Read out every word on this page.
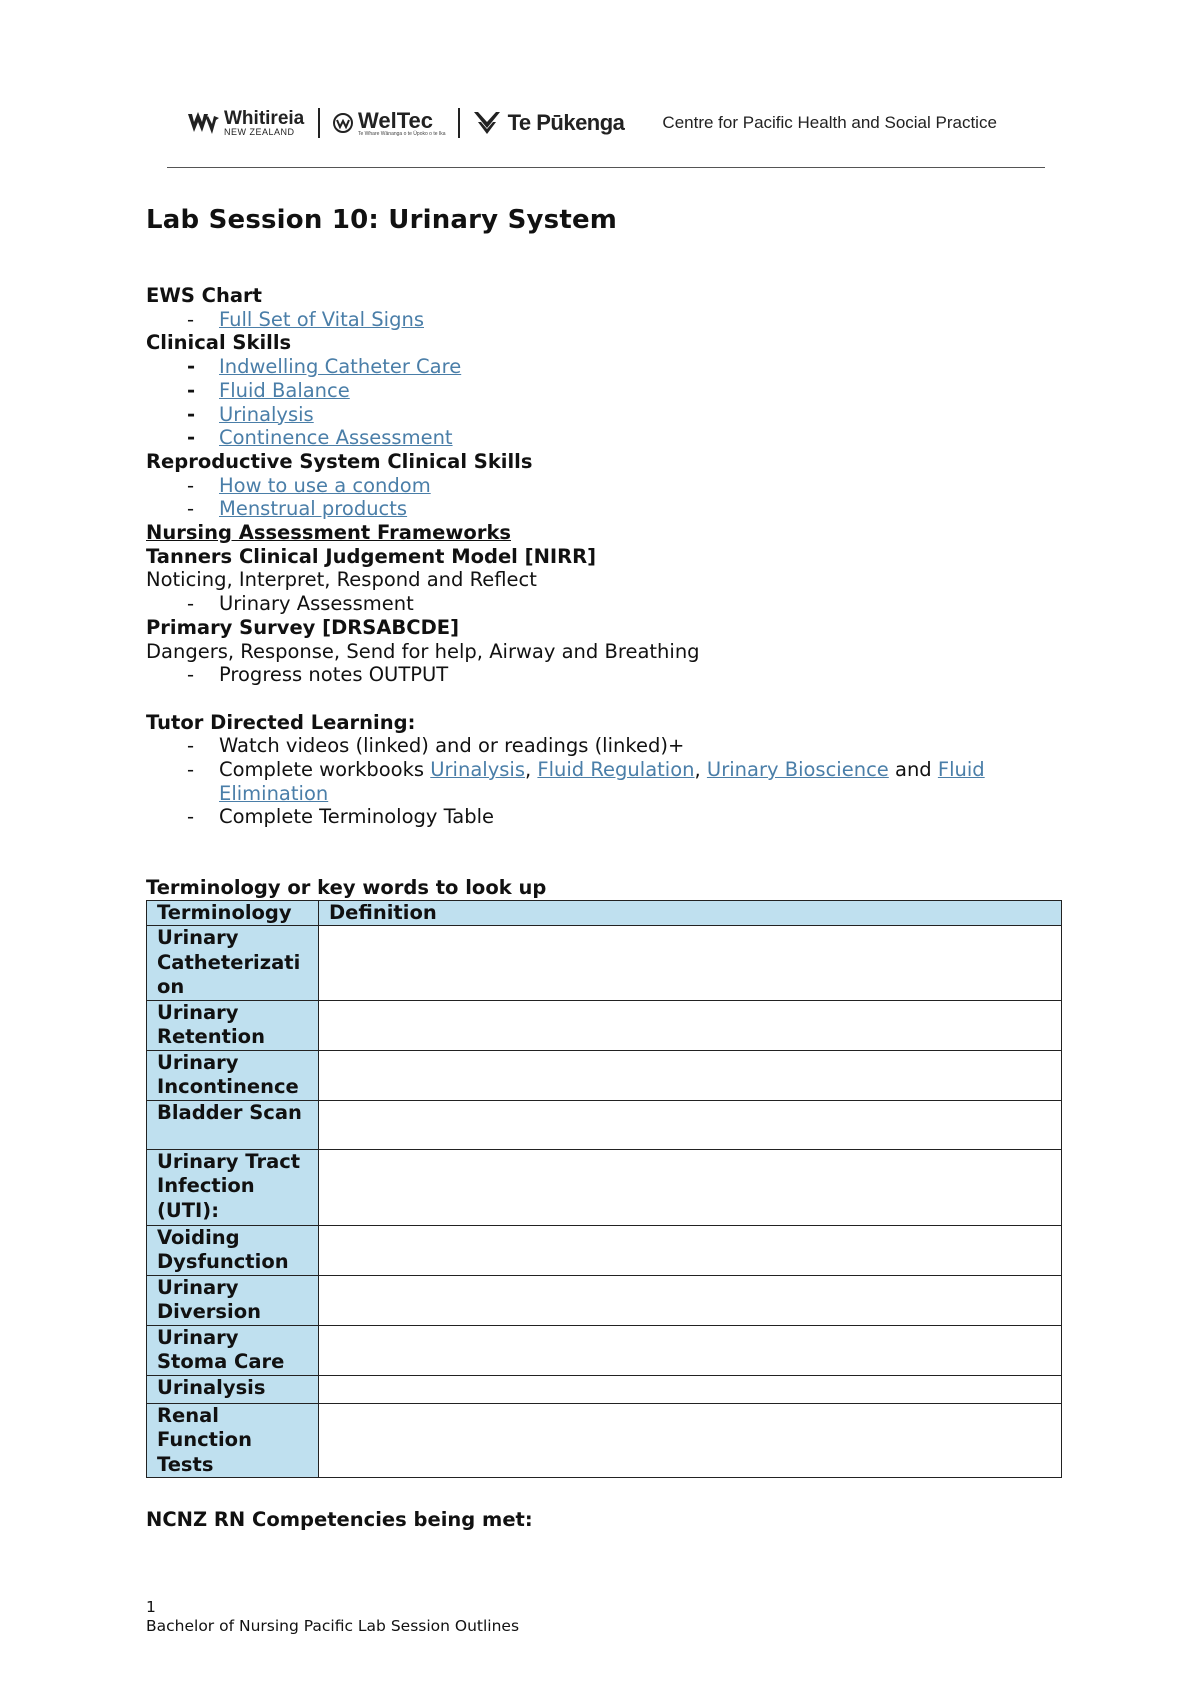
Whitireia
NEW ZEALAND	WelTec
Te Whare Wānanga o te Ūpoko o te Ika	Te Pūkenga Centre for Pacific Health and Social Practice
Lab Session 10: Urinary System
EWS Chart
-	Full Set of Vital Signs
Clinical Skills
-	Indwelling Catheter Care
-	Fluid Balance
-	Urinalysis
-	Continence Assessment
Reproductive System Clinical Skills
-	How to use a condom
-	Menstrual products
Nursing Assessment Frameworks
Tanners Clinical Judgement Model [NIRR]
Noticing, Interpret, Respond and Reflect
-	Urinary Assessment
Primary Survey [DRSABCDE]
Dangers, Response, Send for help, Airway and Breathing
-	Progress notes OUTPUT
Tutor Directed Learning:
-	Watch videos (linked) and or readings (linked)+
-	Complete workbooks Urinalysis, Fluid Regulation, Urinary Bioscience and Fluid
Elimination
-	Complete Terminology Table
Terminology or key words to look up
Terminology	Definition
Urinary Catheterizati on	
Urinary Retention	
Urinary Incontinence	
Bladder Scan	
Urinary Tract Infection (UTI):	
Voiding Dysfunction	
Urinary Diversion	
Urinary Stoma Care	
Urinalysis	
Renal Function Tests	
NCNZ RN Competencies being met:
1
Bachelor of Nursing Pacific Lab Session Outlines
